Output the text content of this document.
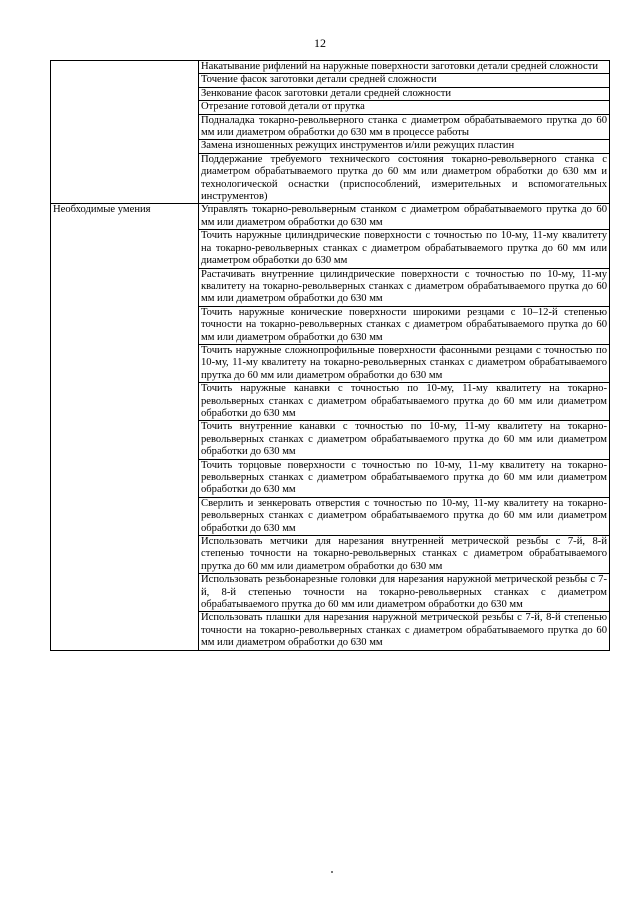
12
	Накатывание рифлений на наружные поверхности заготовки детали средней сложности
	Точение фасок заготовки детали средней сложности
	Зенкование фасок заготовки детали средней сложности
	Отрезание готовой детали от прутка
	Подналадка токарно-револьверного станка с диаметром обрабатываемого прутка до 60 мм или диаметром обработки до 630 мм в процессе работы
	Замена изношенных режущих инструментов и/или режущих пластин
	Поддержание требуемого технического состояния токарно-револьверного станка с диаметром обрабатываемого прутка до 60 мм или диаметром обработки до 630 мм и технологической оснастки (приспособлений, измерительных и вспомогательных инструментов)
Необходимые умения	Управлять токарно-револьверным станком с диаметром обрабатываемого прутка до 60 мм или диаметром обработки до 630 мм
	Точить наружные цилиндрические поверхности с точностью по 10-му, 11-му квалитету на токарно-револьверных станках с диаметром обрабатываемого прутка до 60 мм или диаметром обработки до 630 мм
	Растачивать внутренние цилиндрические поверхности с точностью по 10-му, 11-му квалитету на токарно-револьверных станках с диаметром обрабатываемого прутка до 60 мм или диаметром обработки до 630 мм
	Точить наружные конические поверхности широкими резцами с 10–12-й степенью точности на токарно-револьверных станках с диаметром обрабатываемого прутка до 60 мм или диаметром обработки до 630 мм
	Точить наружные сложнопрофильные поверхности фасонными резцами с точностью по 10-му, 11-му квалитету на токарно-револьверных станках с диаметром обрабатываемого прутка до 60 мм или диаметром обработки до 630 мм
	Точить наружные канавки с точностью по 10-му, 11-му квалитету на токарно-револьверных станках с диаметром обрабатываемого прутка до 60 мм или диаметром обработки до 630 мм
	Точить внутренние канавки с точностью по 10-му, 11-му квалитету на токарно-револьверных станках с диаметром обрабатываемого прутка до 60 мм или диаметром обработки до 630 мм
	Точить торцовые поверхности с точностью по 10-му, 11-му квалитету на токарно-револьверных станках с диаметром обрабатываемого прутка до 60 мм или диаметром обработки до 630 мм
	Сверлить и зенкеровать отверстия с точностью по 10-му, 11-му квалитету на токарно-револьверных станках с диаметром обрабатываемого прутка до 60 мм или диаметром обработки до 630 мм
	Использовать метчики для нарезания внутренней метрической резьбы с 7-й, 8-й степенью точности на токарно-револьверных станках с диаметром обрабатываемого прутка до 60 мм или диаметром обработки до 630 мм
	Использовать резьбонарезные головки для нарезания наружной метрической резьбы с 7-й, 8-й степенью точности на токарно-револьверных станках с диаметром обрабатываемого прутка до 60 мм или диаметром обработки до 630 мм
	Использовать плашки для нарезания наружной метрической резьбы с 7-й, 8-й степенью точности на токарно-револьверных станках с диаметром обрабатываемого прутка до 60 мм или диаметром обработки до 630 мм
